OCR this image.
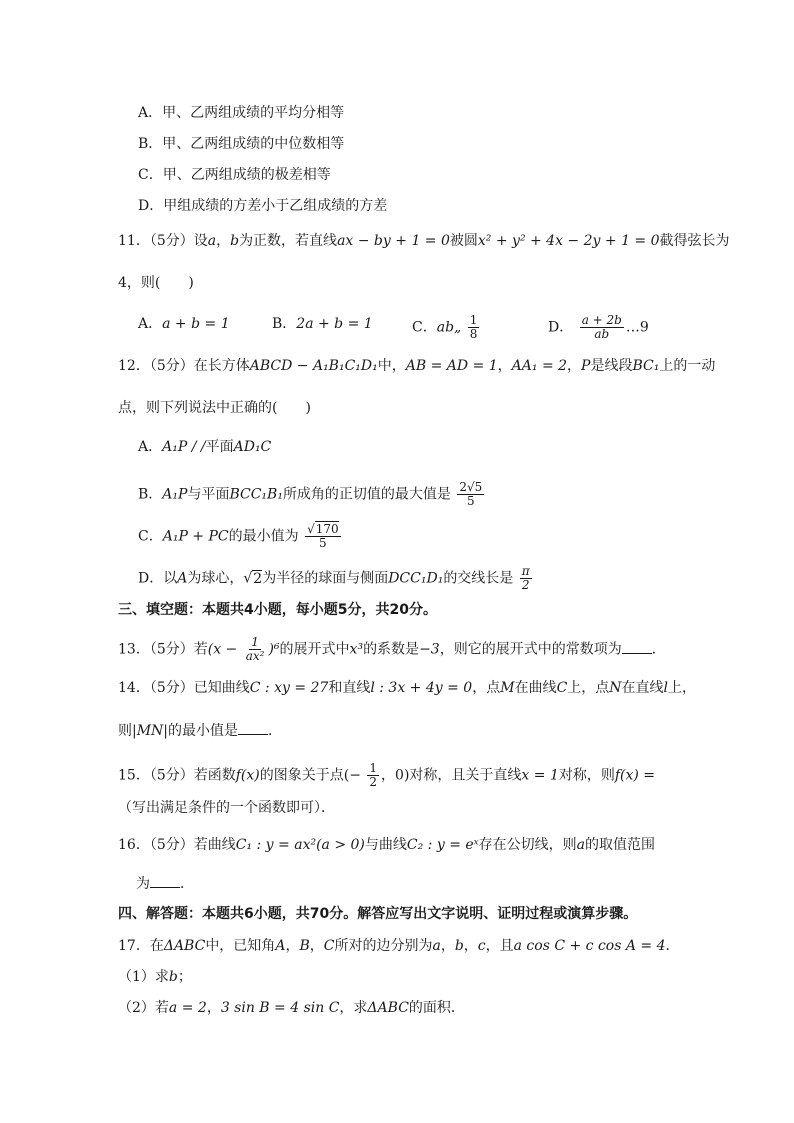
A．甲、乙两组成绩的平均分相等
B．甲、乙两组成绩的中位数相等
C．甲、乙两组成绩的极差相等
D．甲组成绩的方差小于乙组成绩的方差
11．（5分）设a，b为正数，若直线ax − by + 1 = 0被圆x² + y² + 4x − 2y + 1 = 0截得弦长为
4，则(　　)
A．a + b = 1	B．2a + b = 1	C．ab„ $\frac{1}{8}$	D． $\frac{a + 2b}{ab}$ …9
12．（5分）在长方体ABCD − A₁B₁C₁D₁中，AB = AD = 1，AA₁ = 2，P是线段BC₁上的一动
点，则下列说法中正确的(　　)
A．A₁P / /平面AD₁C
B．A₁P与平面BCC₁B₁所成角的正切值的最大值是 $\frac{2√5}{5}$
C．A₁P + PC的最小值为 $\frac{√170}{5}$
D．以A为球心，√2为半径的球面与侧面DCC₁D₁的交线长是 $\frac{\pi}{2}$
三、填空题：本题共4小题，每小题5分，共20分。
13．（5分）若$(x - \frac{1}{\text{ax²}} )^6$的展开式中x³的系数是−3，则它的展开式中的常数项为 ．
14．（5分）已知曲线C : xy = 27和直线l : 3x + 4y = 0，点M在曲线C上，点N在直线l上，
则|MN|的最小值是 ．
15．（5分）若函数f(x)的图象关于点(− $\frac{1}{2}$ ，0)对称，且关于直线x = 1对称，则f(x) =
（写出满足条件的一个函数即可）．
16．（5分）若曲线C₁ : y = ax²(a > 0)与曲线C₂ : y = eˣ存在公切线，则a的取值范围
为 ．
四、解答题：本题共6小题，共70分。解答应写出文字说明、证明过程或演算步骤。
17．在ΔABC中，已知角A，B，C所对的边分别为a，b，c，且a cos C + c cos A = 4．
（1）求b；
（2）若a = 2，3 sin B = 4 sin C，求ΔABC的面积．
